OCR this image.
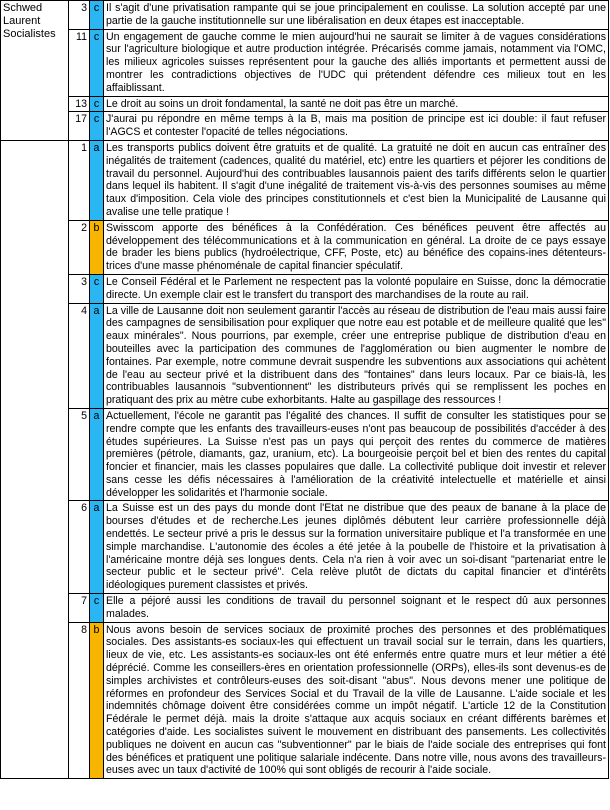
Schwed
Laurent
Socialistes	3	c	Il s'agit d'une privatisation rampante qui se joue principalement en coulisse. La solution accepté par une partie de la gauche institutionnelle sur une libéralisation en deux étapes est inacceptable.
	11	c	Un engagement de gauche comme le mien aujourd'hui ne saurait se limiter à de vagues considérations sur l'agriculture biologique et autre production intégrée. Précarisés comme jamais, notamment via l'OMC, les milieux agricoles suisses représentent pour la gauche des alliés importants et permettent aussi de montrer les contradictions objectives de l'UDC qui prétendent défendre ces milieux tout en les affaiblissant.
	13	c	Le droit au soins un droit fondamental, la santé ne doit pas être un marché.
	17	c	J'aurai pu répondre en même temps à la B, mais ma position de principe est ici double: il faut refuser l'AGCS et contester l'opacité de telles négociations.
	1	a	Les transports publics doivent être gratuits et de qualité. La gratuité ne doit en aucun cas entraîner des inégalités de traitement (cadences, qualité du matériel, etc) entre les quartiers et péjorer les conditions de travail du personnel. Aujourd'hui des contribuables lausannois paient des tarifs différents selon le quartier dans lequel ils habitent. Il s'agit d'une inégalité de traitement vis-à-vis des personnes soumises au même taux d'imposition. Cela viole des principes constitutionnels et c'est bien la Municipalité de Lausanne qui avalise une telle pratique !
	2	b	Swisscom apporte des bénéfices à la Confédération. Ces bénéfices peuvent être affectés au développement des télécommunications et à la communication en général. La droite de ce pays essaye de brader les biens publics (hydroélectrique, CFF, Poste, etc) au bénéfice des copains-ines détenteurs-trices d'une masse phénoménale de capital financier spéculatif.
	3	c	Le Conseil Fédéral et le Parlement ne respectent pas la volonté populaire en Suisse, donc la démocratie directe. Un exemple clair est le transfert du transport des marchandises de la route au rail.
	4	a	La ville de Lausanne doit non seulement garantir l'accès au réseau de distribution de l'eau mais aussi faire des campagnes de sensibilisation pour expliquer que notre eau est potable et de meilleure qualité que les" eaux minérales". Nous pourrions, par exemple, créer une entreprise publique de distribution d'eau en bouteilles avec la participation des communes de l'agglomération ou bien augmenter le nombre de fontaines. Par exemple, notre commune devrait suspendre les subventions aux associations qui achètent de l'eau au secteur privé et la distribuent dans des "fontaines" dans leurs locaux. Par ce biais-là, les contribuables lausannois "subventionnent" les distributeurs privés qui se remplissent les poches en pratiquant des prix au mètre cube exhorbitants. Halte au gaspillage des ressources !
	5	a	Actuellement, l'école ne garantit pas l'égalité des chances. Il suffit de consulter les statistiques pour se rendre compte que les enfants des travailleurs-euses n'ont pas beaucoup de possibilités d'accéder à des études supérieures. La Suisse n'est pas un pays qui perçoit des rentes du commerce de matières premières (pétrole, diamants, gaz, uranium, etc). La bourgeoisie perçoit bel et bien des rentes du capital foncier et financier, mais les classes populaires que dalle. La collectivité publique doit investir et relever sans cesse les défis nécessaires à l'amélioration de la créativité intelectuelle et matérielle et ainsi développer les solidarités et l'harmonie sociale.
	6	a	La Suisse est un des pays du monde dont l'Etat ne distribue que des peaux de banane à la place de bourses d'études et de recherche.Les jeunes diplômés débutent leur carrière professionnelle déjà endettés. Le secteur privé a pris le dessus sur la formation universitaire publique et l'a transformée en une simple marchandise. L'autonomie des écoles a été jetée à la poubelle de l'histoire et la privatisation à l'américaine montre déjà ses longues dents. Cela n'a rien à voir avec un soi-disant "partenariat entre le secteur public et le secteur privé". Cela relève plutôt de dictats du capital financier et d'intérêts idéologiques purement classistes et privés.
	7	c	Elle a péjoré aussi les conditions de travail du personnel soignant et le respect dû aux personnes malades.
	8	b	Nous avons besoin de services sociaux de proximité proches des personnes et des problématiques sociales. Des assistants-es sociaux-les qui effectuent un travail social sur le terrain, dans les quartiers, lieux de vie, etc. Les assistants-es sociaux-les ont été enfermés entre quatre murs et leur métier a été déprécié. Comme les conseillers-ères en orientation professionnelle (ORPs), elles-ils sont devenus-es de simples archivistes et contrôleurs-euses des soit-disant "abus". Nous devons mener une politique de réformes en profondeur des Services Social et du Travail de la ville de Lausanne. L'aide sociale et les indemnités chômage doivent être considérées comme un impôt négatif. L'article 12 de la Constitution Fédérale le permet déjà. mais la droite s'attaque aux acquis sociaux en créant différents barèmes et catégories d'aide. Les socialistes suivent le mouvement en distribuant des pansements. Les collectivités publiques ne doivent en aucun cas "subventionner" par le biais de l'aide sociale des entreprises qui font des bénéfices et pratiquent une politique salariale indécente. Dans notre ville, nous avons des travailleurs-euses avec un taux d'activité de 100% qui sont obligés de recourir à l'aide sociale.
